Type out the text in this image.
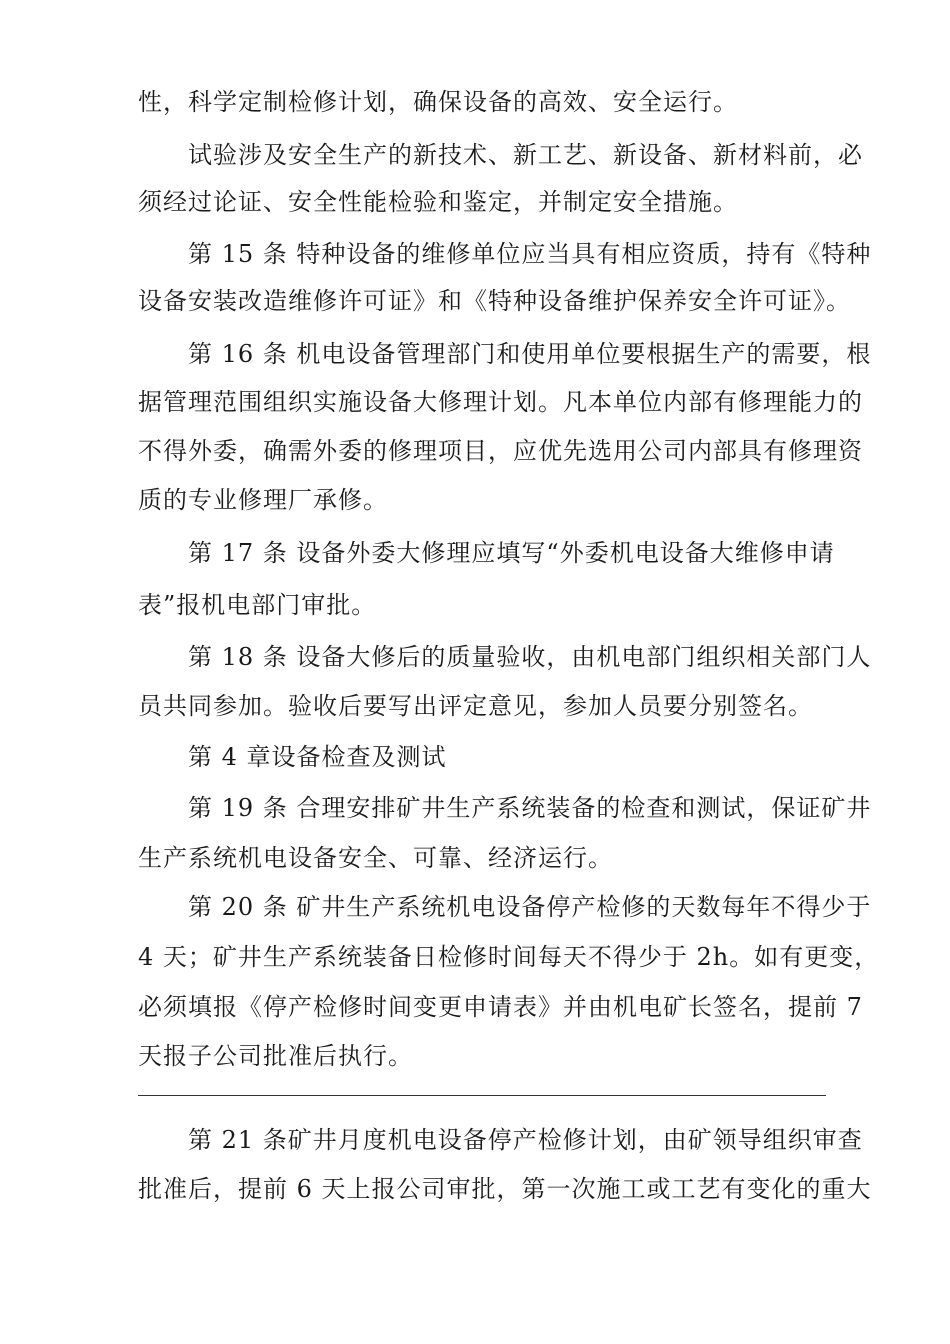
性，科学定制检修计划，确保设备的高效、安全运行。
试验涉及安全生产的新技术、新工艺、新设备、新材料前，必
须经过论证、安全性能检验和鉴定，并制定安全措施。
第 15 条 特种设备的维修单位应当具有相应资质，持有《特种
设备安装改造维修许可证》和《特种设备维护保养安全许可证》。
第 16 条 机电设备管理部门和使用单位要根据生产的需要，根
据管理范围组织实施设备大修理计划。凡本单位内部有修理能力的
不得外委，确需外委的修理项目，应优先选用公司内部具有修理资
质的专业修理厂承修。
第 17 条 设备外委大修理应填写“外委机电设备大维修申请
表”报机电部门审批。
第 18 条 设备大修后的质量验收，由机电部门组织相关部门人
员共同参加。验收后要写出评定意见，参加人员要分别签名。
第 4 章设备检查及测试
第 19 条 合理安排矿井生产系统装备的检查和测试，保证矿井
生产系统机电设备安全、可靠、经济运行。
第 20 条 矿井生产系统机电设备停产检修的天数每年不得少于
4 天；矿井生产系统装备日检修时间每天不得少于 2h。如有更变，
必须填报《停产检修时间变更申请表》并由机电矿长签名，提前 7
天报子公司批准后执行。
第 21 条矿井月度机电设备停产检修计划，由矿领导组织审查
批准后，提前 6 天上报公司审批，第一次施工或工艺有变化的重大
